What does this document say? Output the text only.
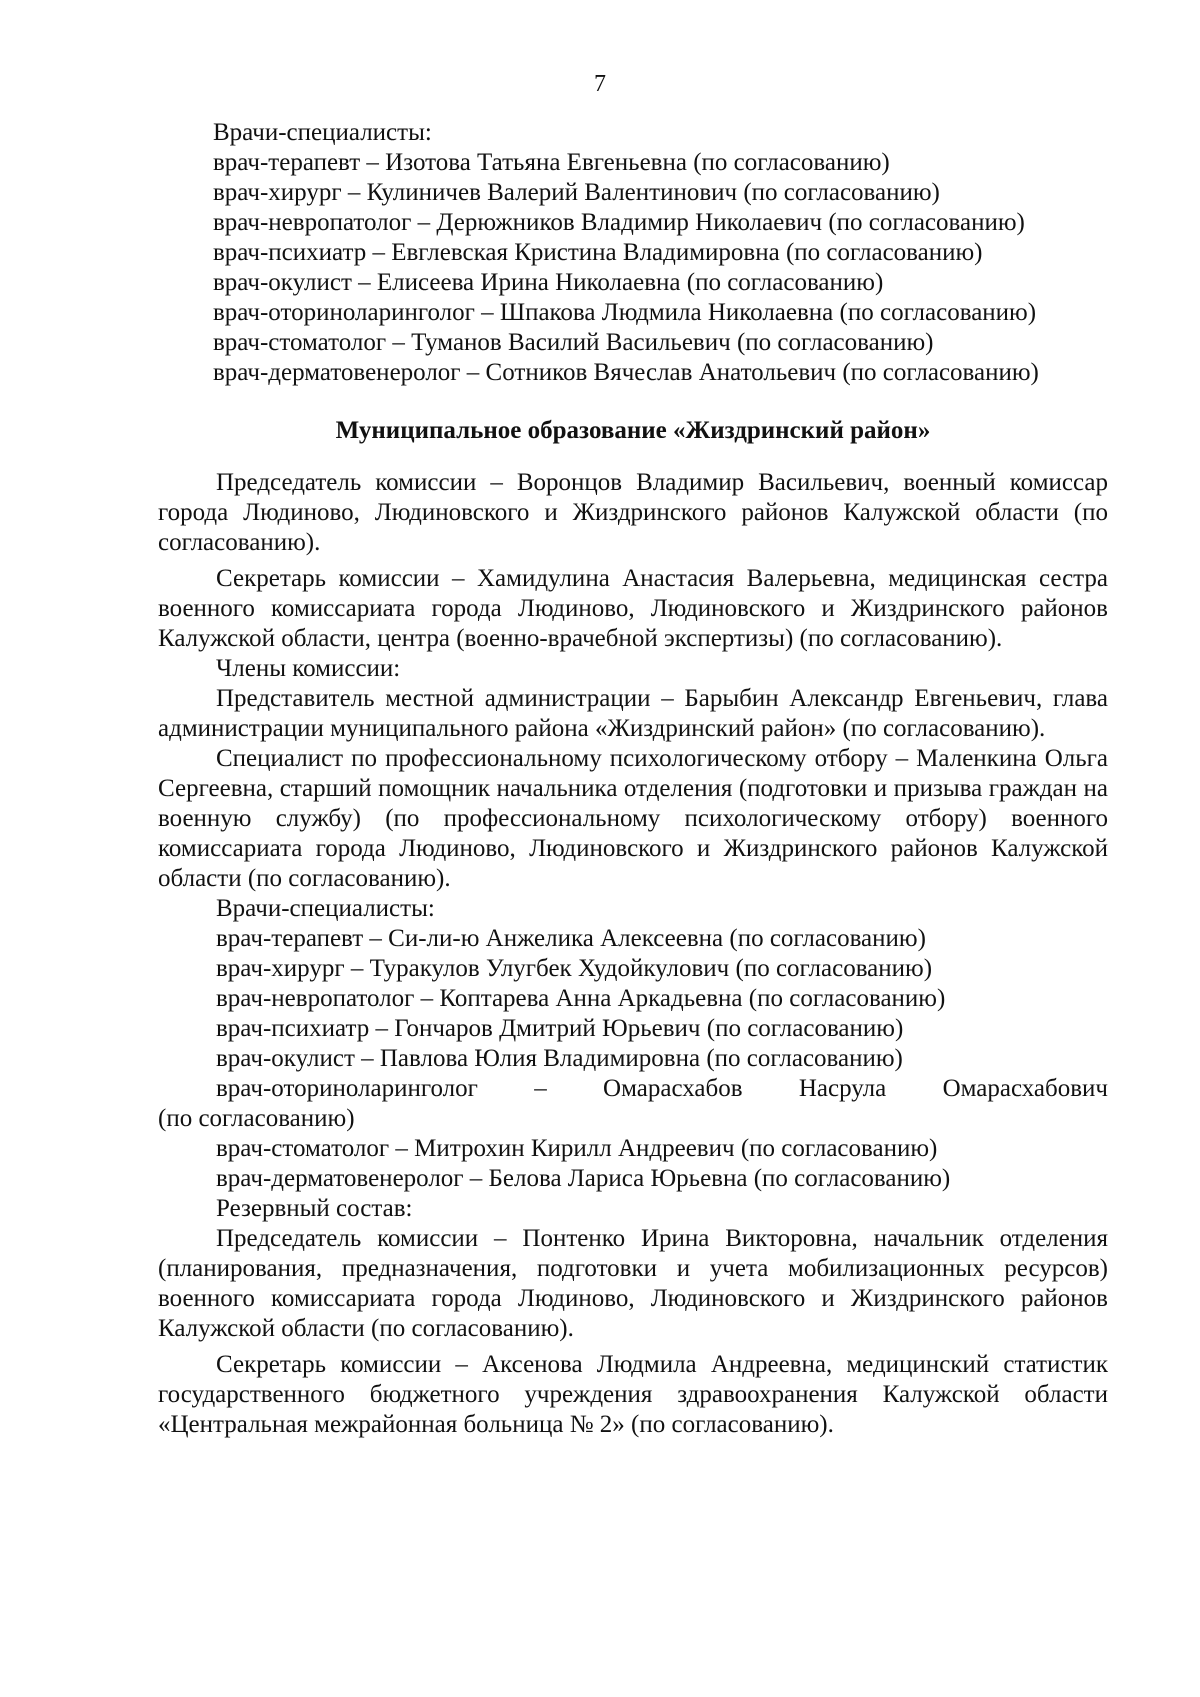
7
Врачи-специалисты:
врач-терапевт – Изотова Татьяна Евгеньевна (по согласованию)
врач-хирург – Кулиничев Валерий Валентинович (по согласованию)
врач-невропатолог – Дерюжников Владимир Николаевич (по согласованию)
врач-психиатр – Евглевская Кристина Владимировна (по согласованию)
врач-окулист – Елисеева Ирина Николаевна (по согласованию)
врач-оториноларинголог – Шпакова Людмила Николаевна (по согласованию)
врач-стоматолог – Туманов Василий Васильевич (по согласованию)
врач-дерматовенеролог – Сотников Вячеслав Анатольевич (по согласованию)
Муниципальное образование «Жиздринский район»

Председатель комиссии – Воронцов Владимир Васильевич, военный комиссар города Людиново, Людиновского и Жиздринского районов Калужской области (по согласованию).

Секретарь комиссии – Хамидулина Анастасия Валерьевна, медицинская сестра военного комиссариата города Людиново, Людиновского и Жиздринского районов Калужской области, центра (военно-врачебной экспертизы) (по согласованию).

Члены комиссии:

Представитель местной администрации – Барыбин Александр Евгеньевич, глава администрации муниципального района «Жиздринский район» (по согласованию).

Специалист по профессиональному психологическому отбору – Маленкина Ольга Сергеевна, старший помощник начальника отделения (подготовки и призыва граждан на военную службу) (по профессиональному психологическому отбору) военного комиссариата города Людиново, Людиновского и Жиздринского районов Калужской области (по согласованию).

Врачи-специалисты:
врач-терапевт – Си-ли-ю Анжелика Алексеевна (по согласованию)
врач-хирург – Туракулов Улугбек Худойкулович (по согласованию)
врач-невропатолог – Коптарева Анна Аркадьевна (по согласованию)
врач-психиатр – Гончаров Дмитрий Юрьевич (по согласованию)
врач-окулист – Павлова Юлия Владимировна (по согласованию)
врач-оториноларинголог – Омарасхабов Насрула Омарасхабович
(по согласованию)
врач-стоматолог – Митрохин Кирилл Андреевич (по согласованию)
врач-дерматовенеролог – Белова Лариса Юрьевна (по согласованию)
Резервный состав:

Председатель комиссии – Понтенко Ирина Викторовна, начальник отделения (планирования, предназначения, подготовки и учета мобилизационных ресурсов) военного комиссариата города Людиново, Людиновского и Жиздринского районов Калужской области (по согласованию).

Секретарь комиссии – Аксенова Людмила Андреевна, медицинский статистик государственного бюджетного учреждения здравоохранения Калужской области «Центральная межрайонная больница № 2» (по согласованию).
